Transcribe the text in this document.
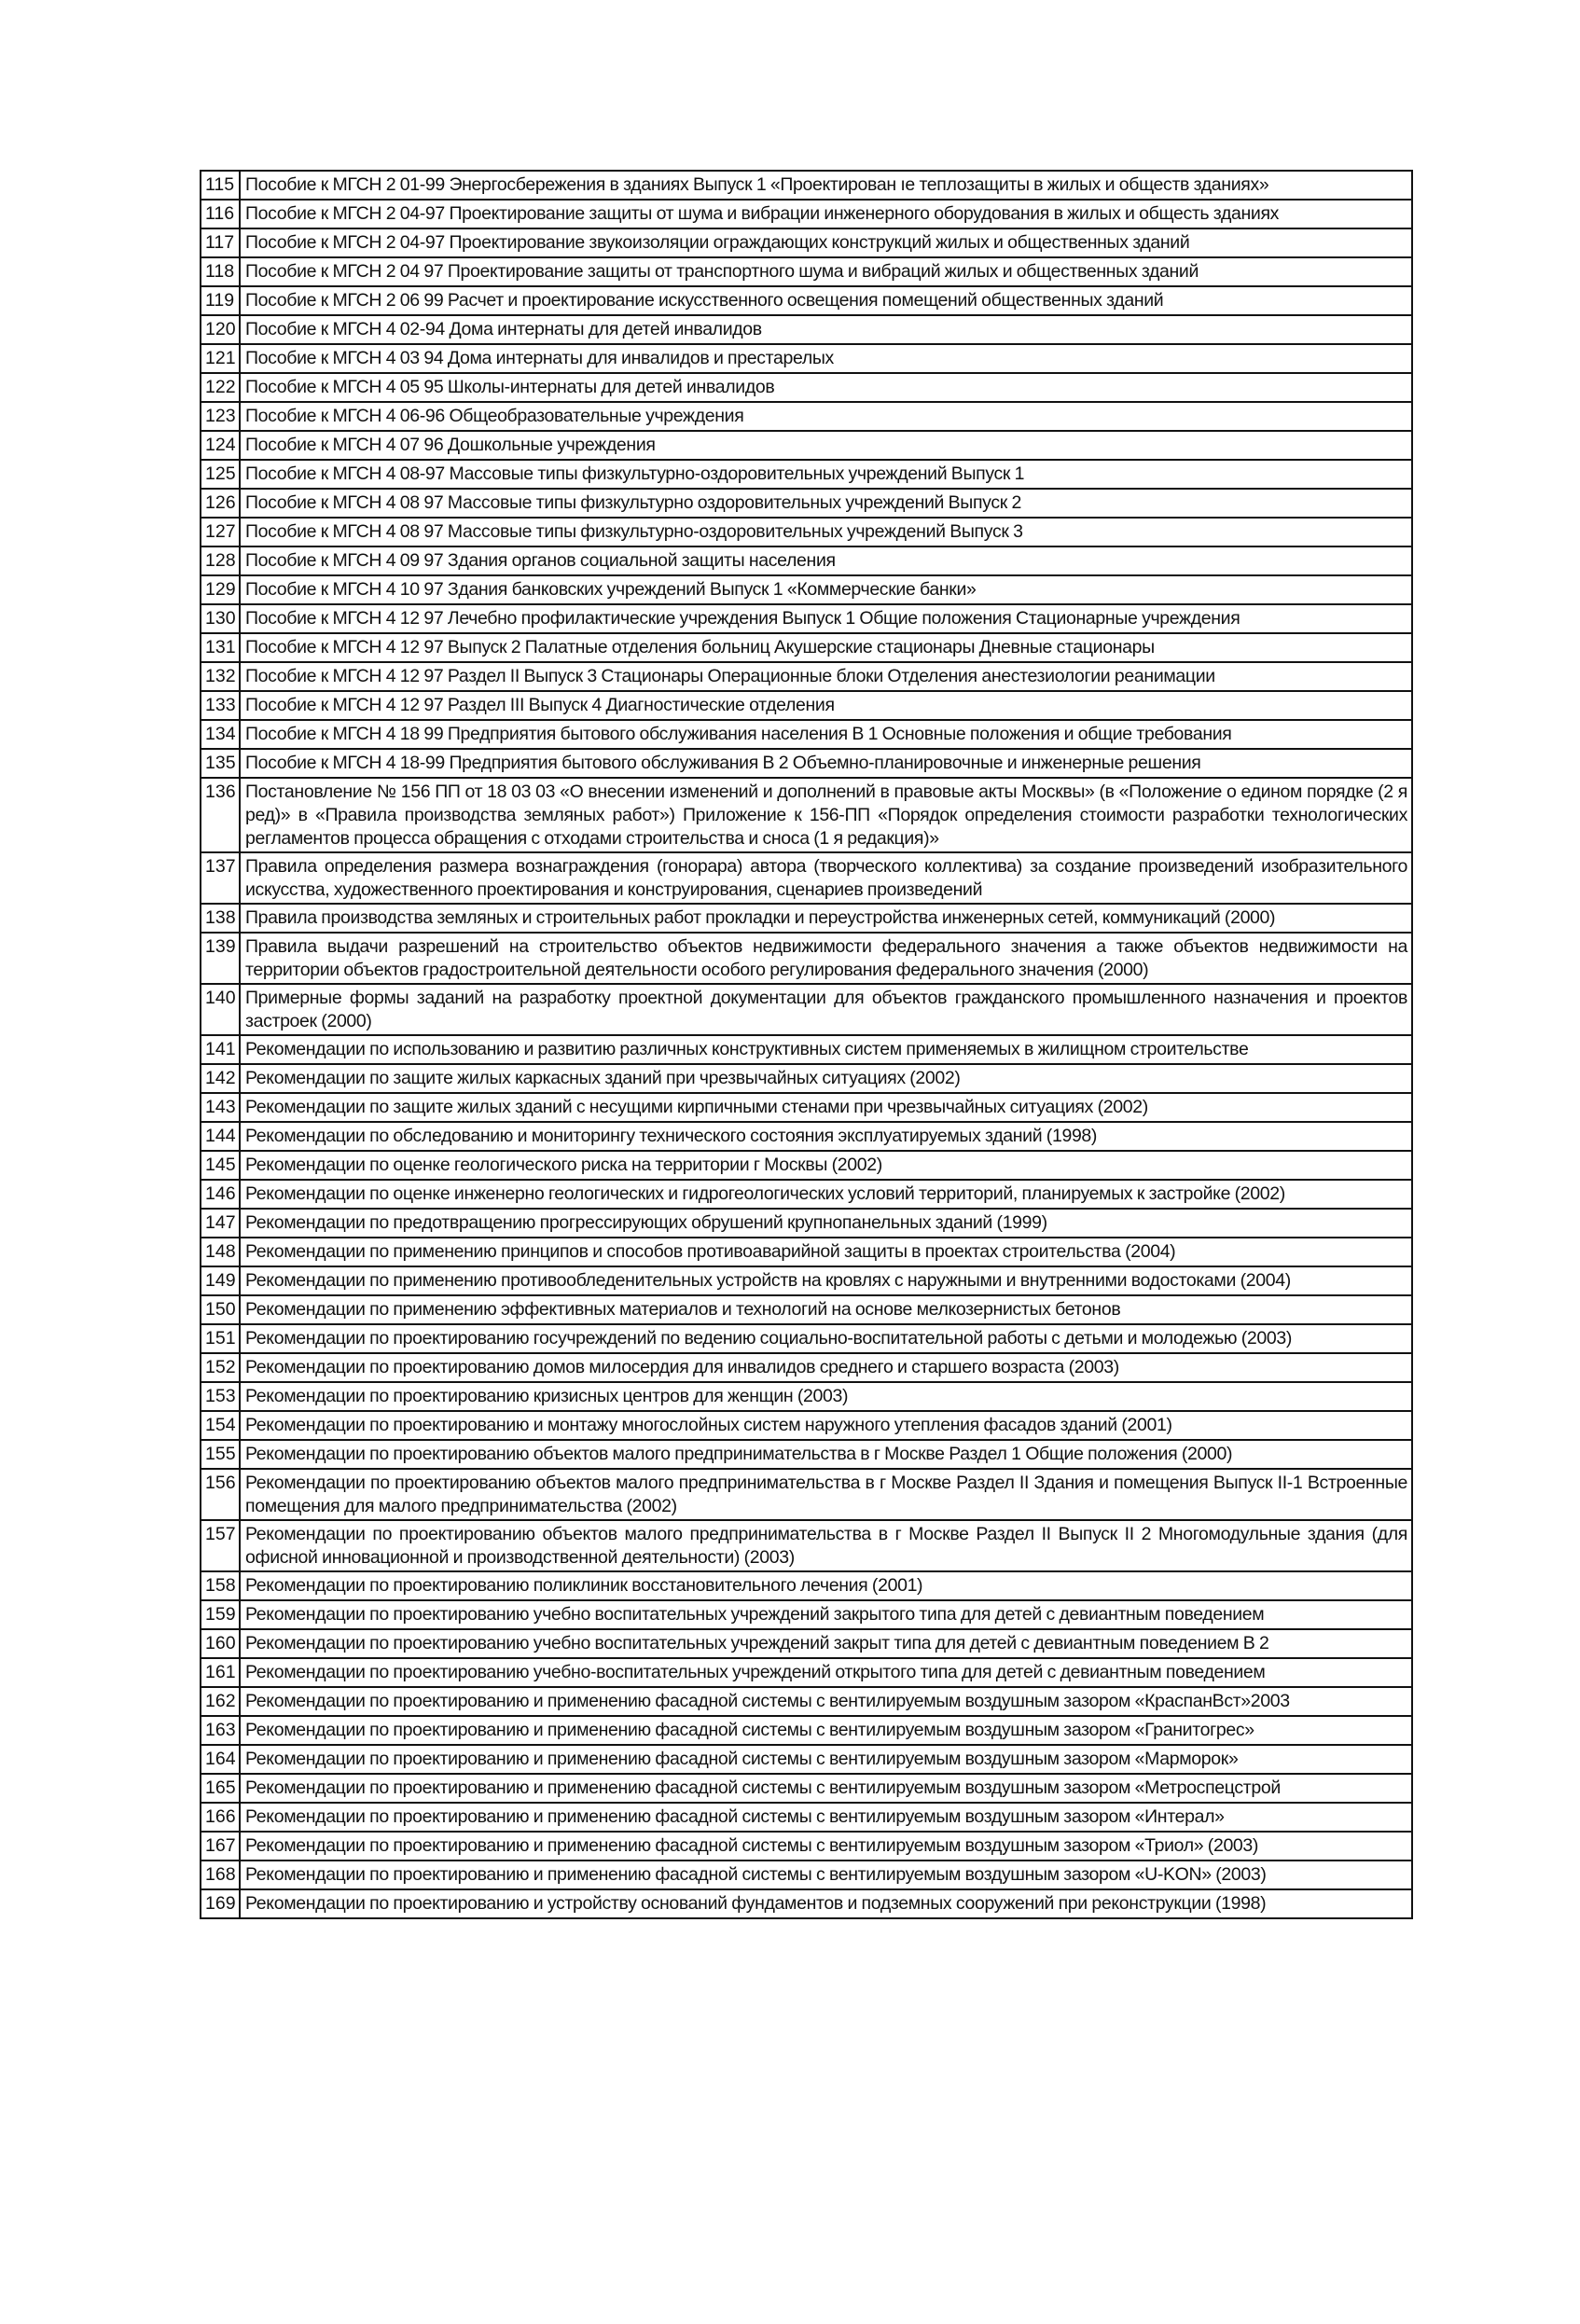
115	Пособие к МГСН 2 01-99 Энергосбережения в зданиях Выпуск 1 «Проектирован ıe теплозащиты в жилых и обществ зданиях»
116	Пособие к МГСН 2 04-97 Проектирование защиты от шума и вибрации инженерного оборудования в жилых и общесть зданиях
117	Пособие к МГСН 2 04-97 Проектирование звукоизоляции ограждающих конструкций жилых и общественных зданий
118	Пособие к МГСН 2 04 97 Проектирование защиты от транспортного шума и вибраций жилых и общественных зданий
119	Пособие к МГСН 2 06 99 Расчет и проектирование искусственного освещения помещений общественных зданий
120	Пособие к МГСН 4 02-94 Дома интернаты для детей инвалидов
121	Пособие к МГСН 4 03 94 Дома интернаты для инвалидов и престарелых
122	Пособие к МГСН 4 05 95 Школы-интернаты для детей инвалидов
123	Пособие к МГСН 4 06-96 Общеобразовательные учреждения
124	Пособие к МГСН 4 07 96 Дошкольные учреждения
125	Пособие к МГСН 4 08-97 Массовые типы физкультурно-оздоровительных учреждений Выпуск 1
126	Пособие к МГСН 4 08 97 Массовые типы физкультурно оздоровительных учреждений Выпуск 2
127	Пособие к МГСН 4 08 97 Массовые типы физкультурно-оздоровительных учреждений Выпуск 3
128	Пособие к МГСН 4 09 97 Здания органов социальной защиты населения
129	Пособие к МГСН 4 10 97 Здания банковских учреждений Выпуск 1 «Коммерческие банки»
130	Пособие к МГСН 4 12 97 Лечебно профилактические учреждения Выпуск 1 Общие положения Стационарные учреждения
131	Пособие к МГСН 4 12 97 Выпуск 2 Палатные отделения больниц Акушерские стационары Дневные стационары
132	Пособие к МГСН 4 12 97 Раздел II Выпуск 3 Стационары Операционные блоки Отделения анестезиологии реанимации
133	Пособие к МГСН 4 12 97 Раздел III Выпуск 4 Диагностические отделения
134	Пособие к МГСН 4 18 99 Предприятия бытового обслуживания населения В 1 Основные положения и общие требования
135	Пособие к МГСН 4 18-99 Предприятия бытового обслуживания В 2 Объемно-планировочные и инженерные решения
136	Постановление № 156 ПП от 18 03 03 «О внесении изменений и дополнений в правовые акты Москвы» (в «Положение о едином порядке (2 я ред)» в «Правила производства земляных работ») Приложение к 156-ПП «Порядок определения стоимости разработки технологических регламентов процесса обращения с отходами строительства и сноса (1 я редакция)»
137	Правила определения размера вознаграждения (гонорара) автора (творческого коллектива) за создание произведений изобразительного искусства, художественного проектирования и конструирования, сценариев произведений
138	Правила производства земляных и строительных работ прокладки и переустройства инженерных сетей, коммуникаций (2000)
139	Правила выдачи разрешений на строительство объектов недвижимости федерального значения а также объектов недвижимости на территории объектов градостроительной деятельности особого регулирования федерального значения (2000)
140	Примерные формы заданий на разработку проектной документации для объектов гражданского промышленного назначения и проектов застроек (2000)
141	Рекомендации по использованию и развитию различных конструктивных систем применяемых в жилищном строительстве
142	Рекомендации по защите жилых каркасных зданий при чрезвычайных ситуациях (2002)
143	Рекомендации по защите жилых зданий с несущими кирпичными стенами при чрезвычайных ситуациях (2002)
144	Рекомендации по обследованию и мониторингу технического состояния эксплуатируемых зданий (1998)
145	Рекомендации по оценке геологического риска на территории г Москвы (2002)
146	Рекомендации по оценке инженерно геологических и гидрогеологических условий территорий, планируемых к застройке (2002)
147	Рекомендации по предотвращению прогрессирующих обрушений крупнопанельных зданий (1999)
148	Рекомендации по применению принципов и способов противоаварийной защиты в проектах строительства (2004)
149	Рекомендации по применению противообледенительных устройств на кровлях с наружными и внутренними водостоками (2004)
150	Рекомендации по применению эффективных материалов и технологий на основе мелкозернистых бетонов
151	Рекомендации по проектированию госучреждений по ведению социально-воспитательной работы с детьми и молодежью (2003)
152	Рекомендации по проектированию домов милосердия для инвалидов среднего и старшего возраста (2003)
153	Рекомендации по проектированию кризисных центров для женщин (2003)
154	Рекомендации по проектированию и монтажу многослойных систем наружного утепления фасадов зданий (2001)
155	Рекомендации по проектированию объектов малого предпринимательства в г Москве Раздел 1 Общие положения (2000)
156	Рекомендации по проектированию объектов малого предпринимательства в г Москве Раздел II Здания и помещения Выпуск II-1 Встроенные помещения для малого предпринимательства (2002)
157	Рекомендации по проектированию объектов малого предпринимательства в г Москве Раздел II Выпуск II 2 Многомодульные здания (для офисной инновационной и производственной деятельности) (2003)
158	Рекомендации по проектированию поликлиник восстановительного лечения (2001)
159	Рекомендации по проектированию учебно воспитательных учреждений закрытого типа для детей с девиантным поведением
160	Рекомендации по проектированию учебно воспитательных учреждений закрыт типа для детей с девиантным поведением В 2
161	Рекомендации по проектированию учебно-воспитательных учреждений открытого типа для детей с девиантным поведением
162	Рекомендации по проектированию и применению фасадной системы с вентилируемым воздушным зазором «КраспанВст»2003
163	Рекомендации по проектированию и применению фасадной системы с вентилируемым воздушным зазором «Гранитогрес»
164	Рекомендации по проектированию и применению фасадной системы с вентилируемым воздушным зазором «Марморок»
165	Рекомендации по проектированию и применению фасадной системы с вентилируемым воздушным зазором «Метроспецстрой
166	Рекомендации по проектированию и применению фасадной системы с вентилируемым воздушным зазором «Интерал»
167	Рекомендации по проектированию и применению фасадной системы с вентилируемым воздушным зазором «Триол» (2003)
168	Рекомендации по проектированию и применению фасадной системы с вентилируемым воздушным зазором «U-KON» (2003)
169	Рекомендации по проектированию и устройству оснований фундаментов и подземных сооружений при реконструкции (1998)
